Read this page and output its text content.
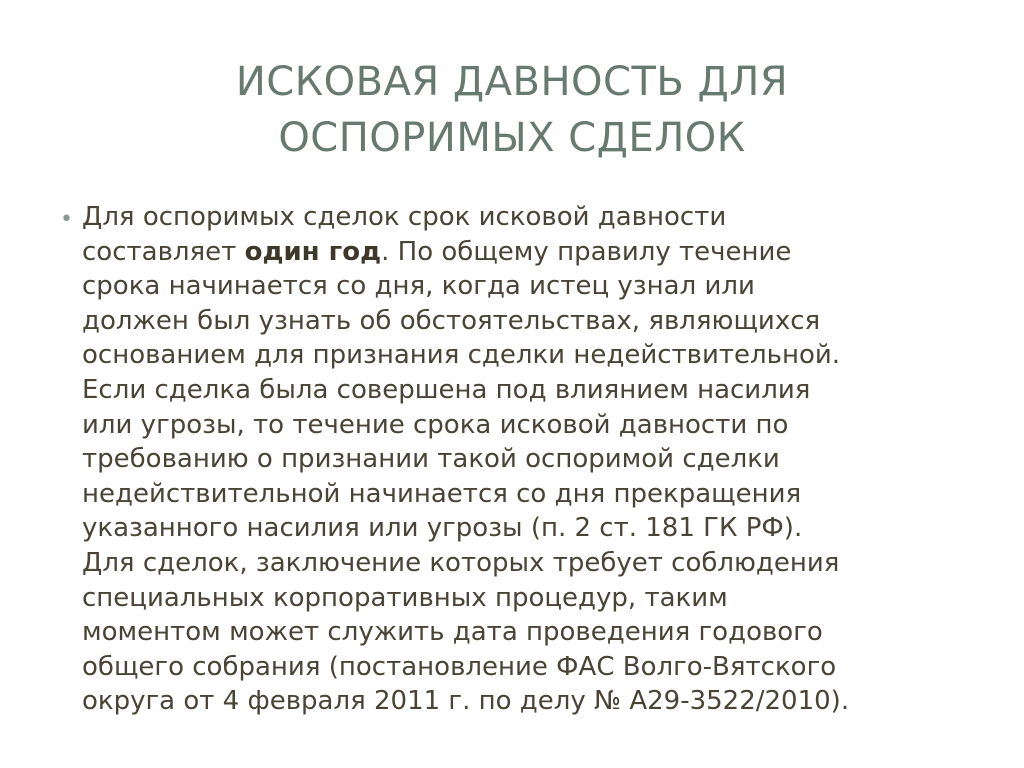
ИСКОВАЯ ДАВНОСТЬ ДЛЯ
ОСПОРИМЫХ СДЕЛОК
• Для оспоримых сделок срок исковой давности
составляет один год. По общему правилу течение
срока начинается со дня, когда истец узнал или
должен был узнать об обстоятельствах, являющихся
основанием для признания сделки недействительной.
Если сделка была совершена под влиянием насилия
или угрозы, то течение срока исковой давности по
требованию о признании такой оспоримой сделки
недействительной начинается со дня прекращения
указанного насилия или угрозы (п. 2 ст. 181 ГК РФ).
Для сделок, заключение которых требует соблюдения
специальных корпоративных процедур, таким
моментом может служить дата проведения годового
общего собрания (постановление ФАС Волго-Вятского
округа от 4 февраля 2011 г. по делу № А29-3522/2010).
